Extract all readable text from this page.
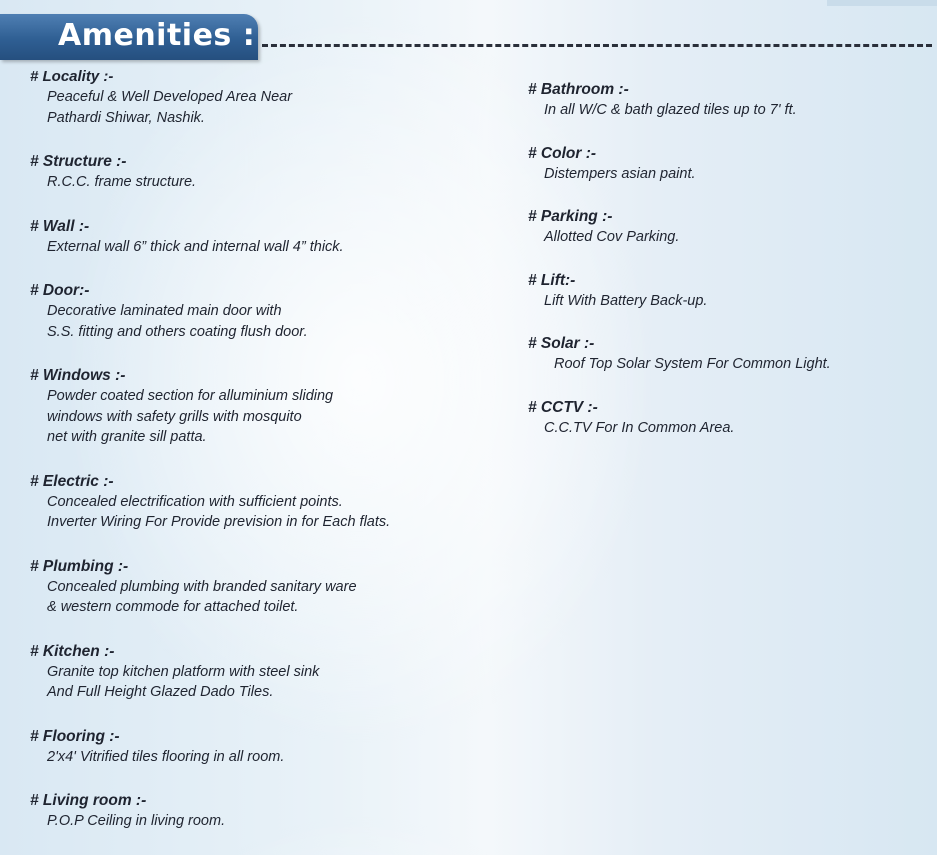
Amenities :
# Locality :-
Peaceful & Well Developed Area Near
Pathardi Shiwar, Nashik.
# Structure :-
R.C.C. frame structure.
# Wall :-
External wall 6” thick and internal wall 4” thick.
# Door:-
Decorative laminated main door with
S.S. fitting and others coating flush door.
# Windows :-
Powder coated section for alluminium sliding
windows with safety grills with mosquito
net with granite sill patta.
# Electric :-
Concealed electrification with sufficient points.
Inverter Wiring For Provide prevision in for Each flats.
# Plumbing :-
Concealed plumbing with branded sanitary ware
& western commode for attached toilet.
# Kitchen :-
Granite top kitchen platform with steel sink
And Full Height Glazed Dado Tiles.
# Flooring :-
2'x4' Vitrified tiles flooring in all room.
# Living room :-
P.O.P Ceiling in living room.
# Bathroom :-
In all W/C & bath glazed tiles up to 7' ft.
# Color :-
Distempers asian paint.
# Parking :-
Allotted Cov Parking.
# Lift:-
Lift With Battery Back-up.
# Solar :-
Roof Top Solar System For Common Light.
# CCTV :-
C.C.TV For In Common Area.
